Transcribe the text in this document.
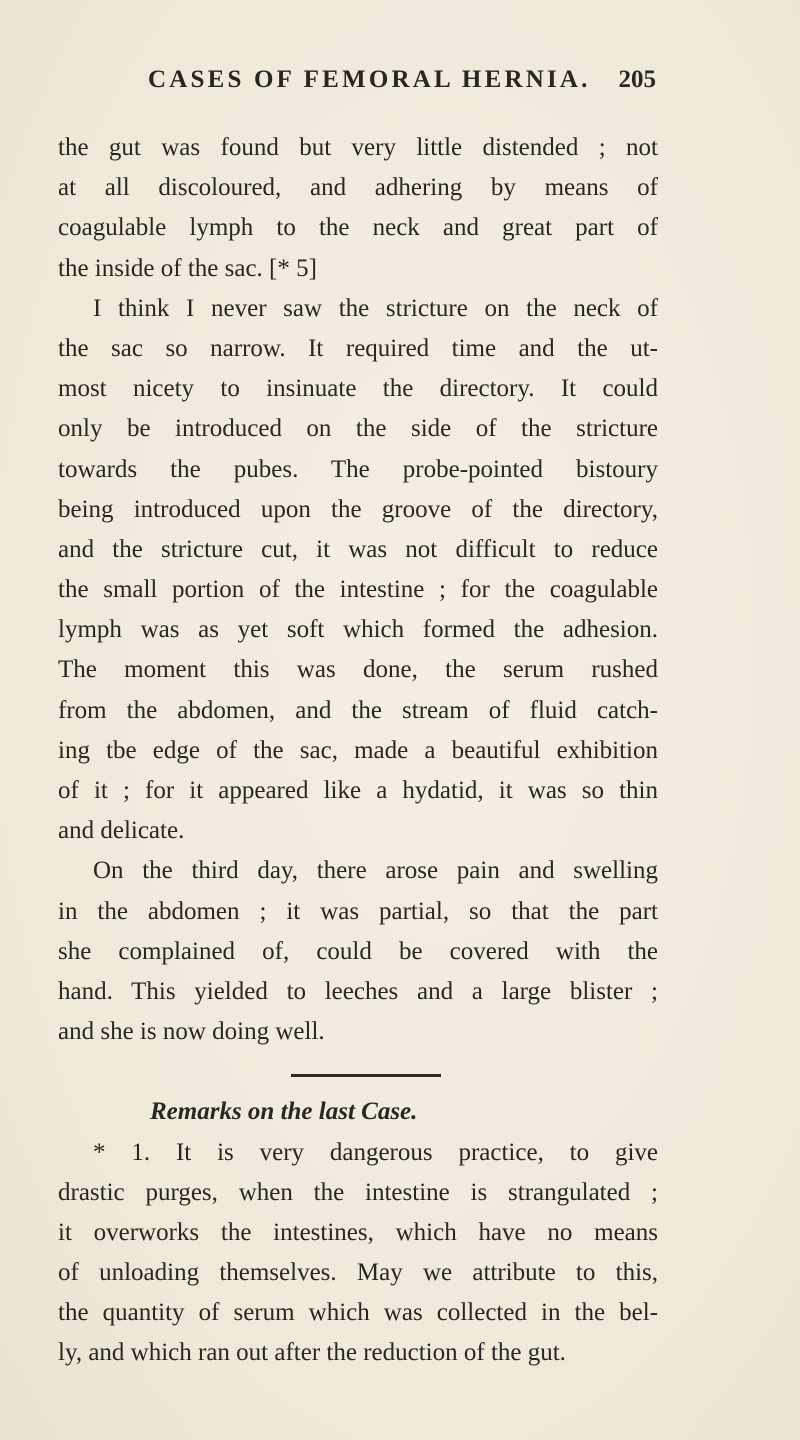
CASES OF FEMORAL HERNIA. 205
the gut was found but very little distended ; not
at all discoloured, and adhering by means of
coagulable lymph to the neck and great part of
the inside of the sac. [* 5]
I think I never saw the stricture on the neck of
the sac so narrow. It required time and the ut-
most nicety to insinuate the directory. It could
only be introduced on the side of the stricture
towards the pubes. The probe-pointed bistoury
being introduced upon the groove of the directory,
and the stricture cut, it was not difficult to reduce
the small portion of the intestine ; for the coagulable
lymph was as yet soft which formed the adhesion.
The moment this was done, the serum rushed
from the abdomen, and the stream of fluid catch-
ing tbe edge of the sac, made a beautiful exhibition
of it ; for it appeared like a hydatid, it was so thin
and delicate.
On the third day, there arose pain and swelling
in the abdomen ; it was partial, so that the part
she complained of, could be covered with the
hand. This yielded to leeches and a large blister ;
and she is now doing well.
Remarks on the last Case.
* 1. It is very dangerous practice, to give
drastic purges, when the intestine is strangulated ;
it overworks the intestines, which have no means
of unloading themselves. May we attribute to this,
the quantity of serum which was collected in the bel-
ly, and which ran out after the reduction of the gut.
